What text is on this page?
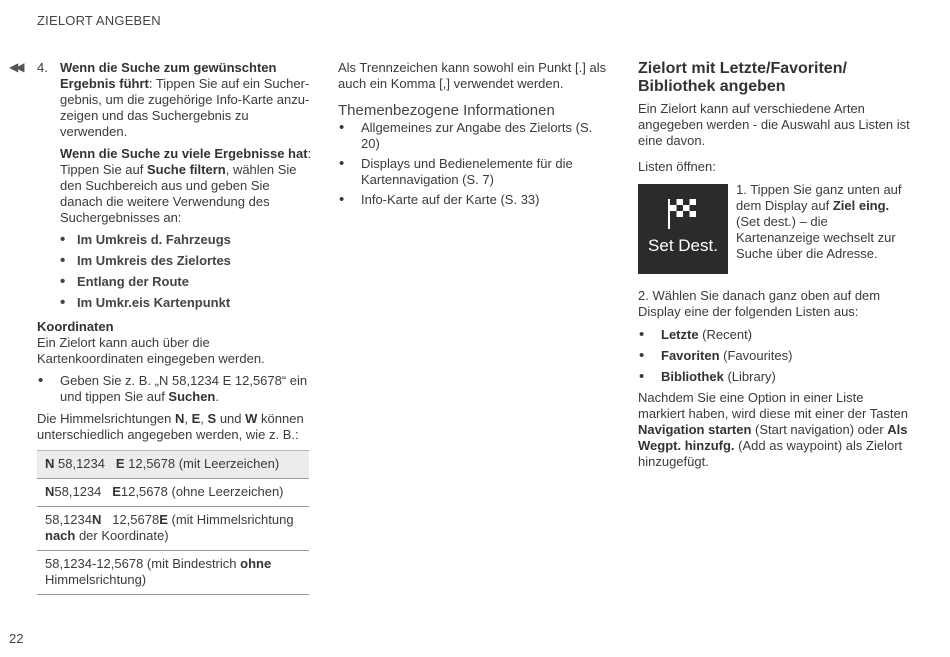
ZIELORT ANGEBEN
◀◀ 4. Wenn die Suche zum gewünschten Ergebnis führt: Tippen Sie auf ein Suchergebnis, um die zugehörige Info-Karte anzuzeigen und das Suchergebnis zu verwenden.

Wenn die Suche zu viele Ergebnisse hat: Tippen Sie auf Suche filtern, wählen Sie den Suchbereich aus und geben Sie danach die weitere Verwendung des Suchergebnisses an:

• Im Umkreis d. Fahrzeugs
• Im Umkreis des Zielortes
• Entlang der Route
• Im Umkr.eis Kartenpunkt
Koordinaten

Ein Zielort kann auch über die Kartenkoordinaten eingegeben werden.

• Geben Sie z. B. „N 58,1234 E 12,5678“ ein und tippen Sie auf Suchen.

Die Himmelsrichtungen N, E, S und W können unterschiedlich angegeben werden, wie z. B.:

N 58,1234   E 12,5678 (mit Leerzeichen)
N58,1234   E12,5678 (ohne Leerzeichen)
58,1234N   12,5678E (mit Himmelsrichtung nach der Koordinate)
58,1234-12,5678 (mit Bindestrich ohne Himmelsrichtung)

Als Trennzeichen kann sowohl ein Punkt [.] als auch ein Komma [,] verwendet werden.

Themenbezogene Informationen
• Allgemeines zur Angabe des Zielorts (S. 20)
• Displays und Bedienelemente für die Kartennavigation (S. 7)
• Info-Karte auf der Karte (S. 33)
Zielort mit Letzte/Favoriten/ Bibliothek angeben

Ein Zielort kann auf verschiedene Arten angegeben werden - die Auswahl aus Listen ist eine davon.

Listen öffnen:

Set Dest.

1. Tippen Sie ganz unten auf dem Display auf Ziel eing. (Set dest.) – die Kartenanzeige wechselt zur Suche über die Adresse.

2. Wählen Sie danach ganz oben auf dem Display eine der folgenden Listen aus:

• Letzte (Recent)
• Favoriten (Favourites)
• Bibliothek (Library)

Nachdem Sie eine Option in einer Liste markiert haben, wird diese mit einer der Tasten Navigation starten (Start navigation) oder Als Wegpt. hinzufg. (Add as waypoint) als Zielort hinzugefügt.

22
